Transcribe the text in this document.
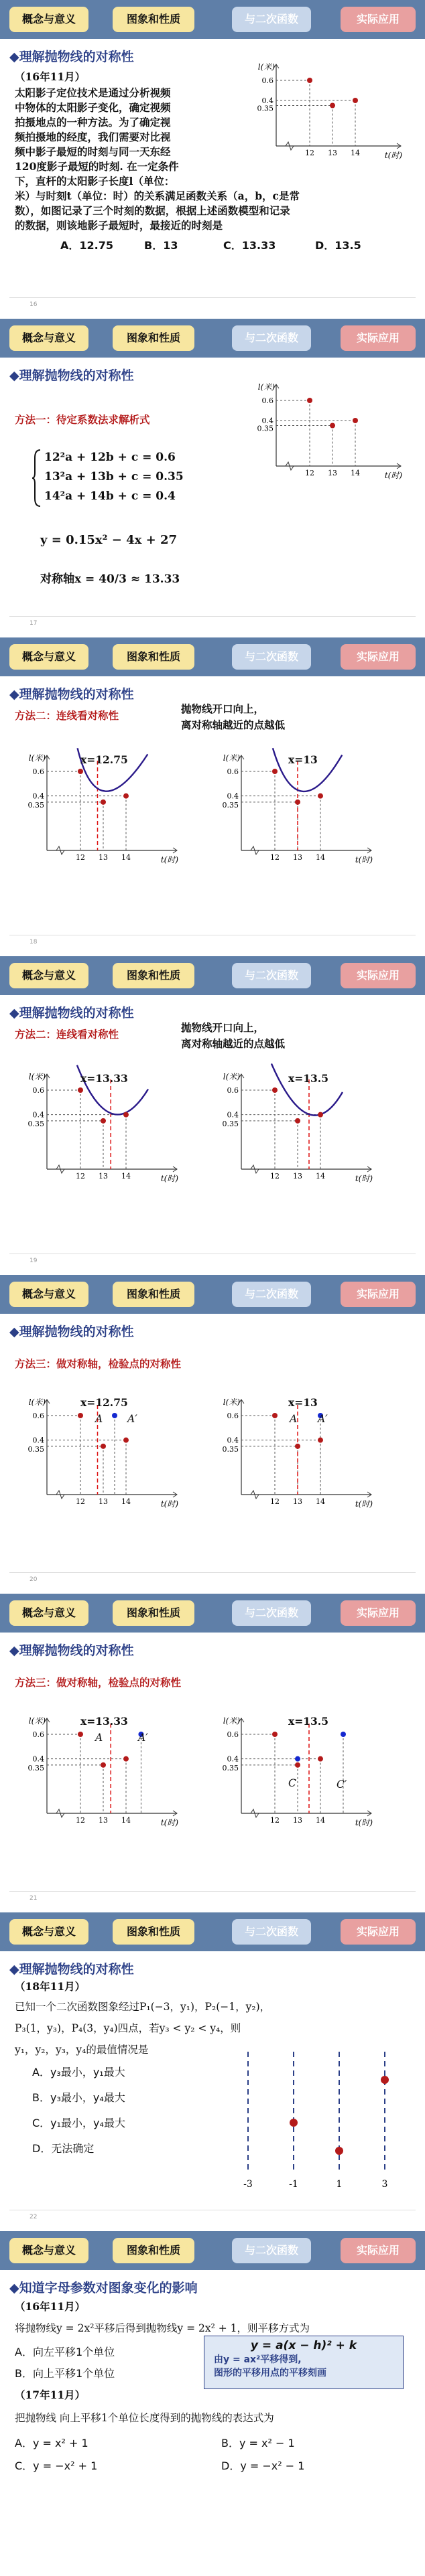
概念与意义	图象和性质	与二次函数	实际应用
◆理解抛物线的对称性
（16年11月）
太阳影子定位技术是通过分析视频
中物体的太阳影子变化，确定视频
拍摄地点的一种方法。为了确定视
频拍摄地的经度，我们需要对比视
频中影子最短的时刻与同一天东经
120度影子最短的时刻. 在一定条件
下，直杆的太阳影子长度l（单位：
米）与时刻t（单位：时）的关系满足函数关系（a，b，c是常
数），如图记录了三个时刻的数据，根据上述函数模型和记录
的数据，则该地影子最短时，最接近的时刻是
A．12.75	B．13	C．13.33	D．13.5
l(米)
t(时)
0.6
0.4
0.35
12 13 14
16
概念与意义	图象和性质	与二次函数	实际应用
◆理解抛物线的对称性
方法一：待定系数法求解析式
12²a + 12b + c = 0.6
13²a + 13b + c = 0.35
14²a + 14b + c = 0.4
y = 0.15x² − 4x + 27
对称轴x = 40/3 ≈ 13.33
l(米)
t(时)
0.6
0.4
0.35
12 13 14
17
概念与意义	图象和性质	与二次函数	实际应用
◆理解抛物线的对称性
方法二：连线看对称性
抛物线开口向上，
离对称轴越近的点越低
l(米)
t(时)
0.6
0.4
0.35
12 13 14
l(米)
t(时)
0.6
0.4
0.35
12 13 14
x=12.75	x=13
18
概念与意义	图象和性质	与二次函数	实际应用
◆理解抛物线的对称性
方法二：连线看对称性
抛物线开口向上，
离对称轴越近的点越低
l(米)
t(时)
0.6
0.4
0.35
12 13 14
l(米)
t(时)
0.6
0.4
0.35
12 13 14
x=13.33	x=13.5
19
概念与意义	图象和性质	与二次函数	实际应用
◆理解抛物线的对称性
方法三：做对称轴，检验点的对称性
l(米)
t(时)
0.6
0.4
0.35
12 13 14
l(米)
t(时)
0.6
0.4
0.35
12 13 14
x=12.75	x=13
A A′	A A′
20
概念与意义	图象和性质	与二次函数	实际应用
◆理解抛物线的对称性
方法三：做对称轴，检验点的对称性
l(米)
t(时)
0.6
0.4
0.35
12 13 14
l(米)
t(时)
0.6
0.4
0.35
12 13 14
x=13.33	x=13.5
A	A′
C	C′
21
概念与意义	图象和性质	与二次函数	实际应用
◆理解抛物线的对称性
（18年11月）
已知一个二次函数图象经过P₁(−3，y₁)，P₂(−1，y₂)，
P₃(1，y₃)，P₄(3，y₄)四点，若y₃ < y₂ < y₄，则
y₁，y₂，y₃，y₄的最值情况是
A．y₃最小，y₁最大
B．y₃最小，y₄最大
C．y₁最小，y₄最大
D．无法确定
-3	-1	1	3
22
概念与意义	图象和性质	与二次函数	实际应用
◆知道字母参数对图象变化的影响
（16年11月）
将抛物线y = 2x²平移后得到抛物线y = 2x² + 1，则平移方式为
A．向左平移1个单位
B．向上平移1个单位
y = a(x − h)² + k
由y = ax²平移得到,
图形的平移用点的平移刻画
（17年11月）
把抛物线 向上平移1个单位长度得到的抛物线的表达式为
A．y = x² + 1	B．y = x² − 1
C．y = −x² + 1	D．y = −x² − 1
